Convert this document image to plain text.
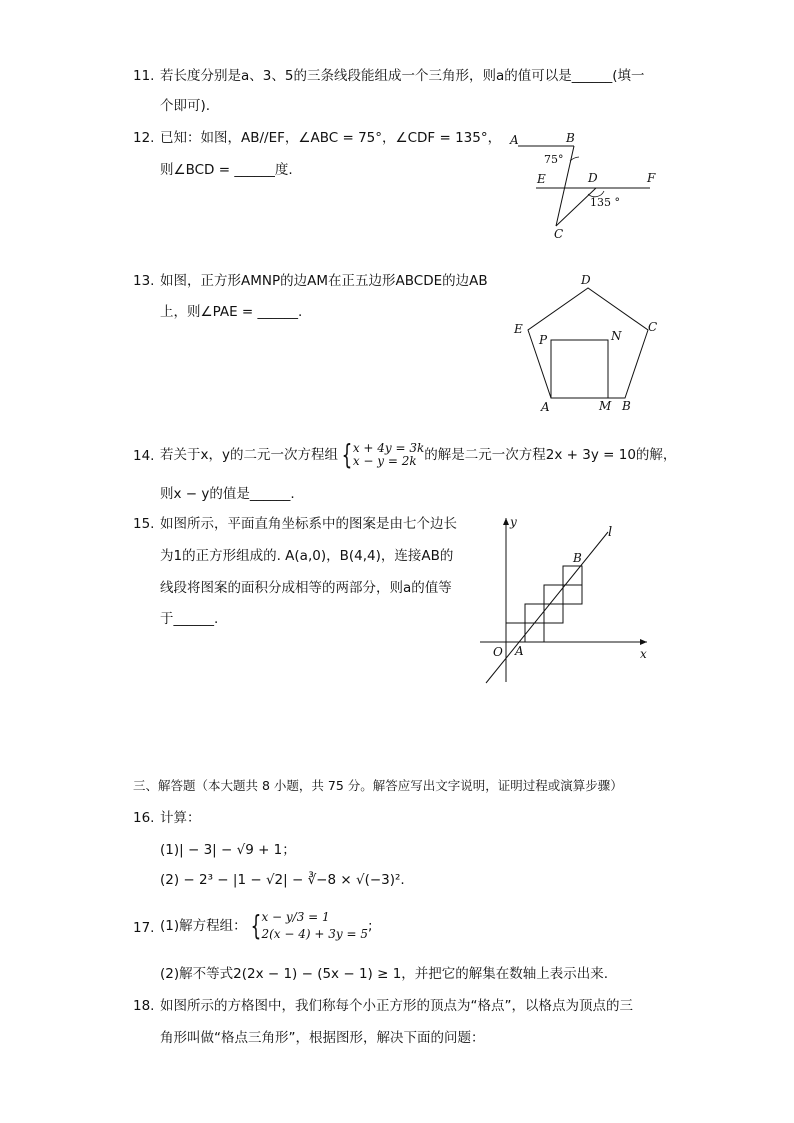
11. 若长度分别是a、3、5的三条线段能组成一个三角形，则a的值可以是______(填一
个即可).
12. 已知：如图，AB//EF，∠ABC = 75°，∠CDF = 135°，
则∠BCD = ______度.
A	B
75°
E	D	F
135 °
C
13. 如图，正方形AMNP的边AM在正五边形ABCDE的边AB
上，则∠PAE = ______.
D
E	C
P	N
A	M B
14. 若关于x，y的二元一次方程组 {x + 4y = 3k
x − y = 2k 的解是二元一次方程2x + 3y = 10的解，
则x − y的值是______.
15. 如图所示，平面直角坐标系中的图案是由七个边长
为1的正方形组成的. A(a,0)，B(4,4)，连接AB的
线段将图案的面积分成相等的两部分，则a的值等
于______.
y
l
B
O A	x
三、解答题（本大题共 8 小题，共 75 分。解答应写出文字说明，证明过程或演算步骤）
16. 计算：
(1)| − 3| − √9 + 1；
(2) − 2³ − |1 − √2| − ∛−8 × √(−3)².
17. (1)解方程组： {x − y/3 = 1
2(x − 4) + 3y = 5;
(2)解不等式2(2x − 1) − (5x − 1) ≥ 1，并把它的解集在数轴上表示出来.
18. 如图所示的方格图中，我们称每个小正方形的顶点为“格点”，以格点为顶点的三
角形叫做“格点三角形”，根据图形，解决下面的问题：
